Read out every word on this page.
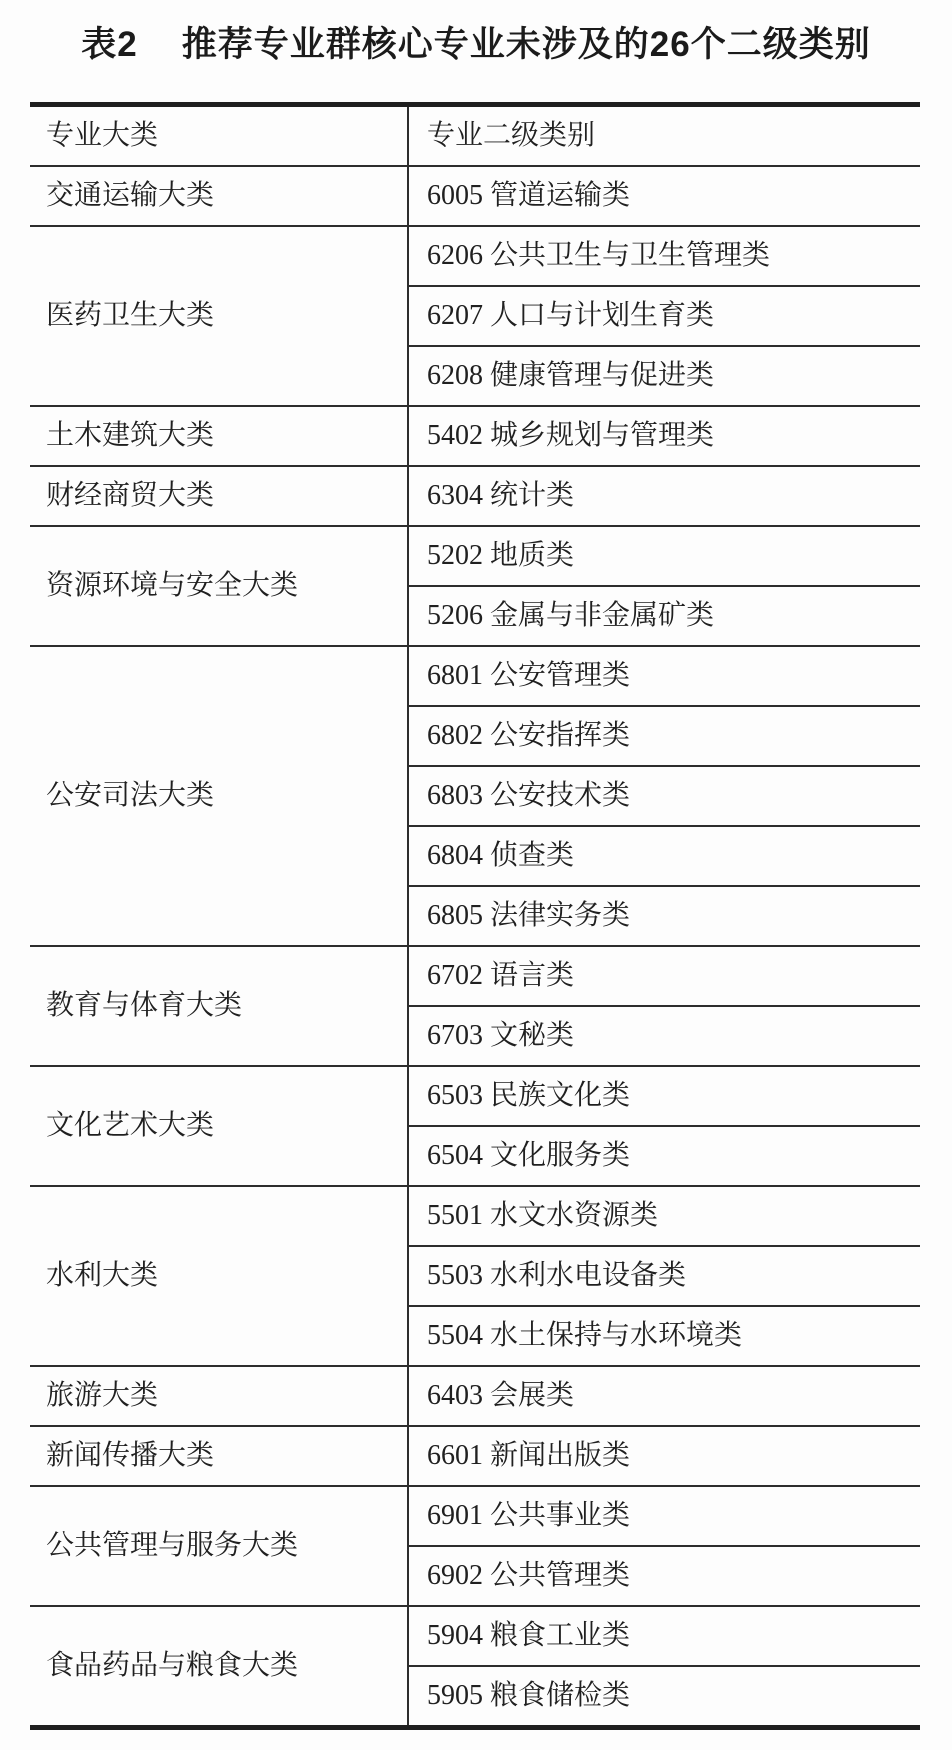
表2 推荐专业群核心专业未涉及的26个二级类别
专业大类	专业二级类别
交通运输大类	6005 管道运输类
医药卫生大类	6206 公共卫生与卫生管理类
	6207 人口与计划生育类
	6208 健康管理与促进类
土木建筑大类	5402 城乡规划与管理类
财经商贸大类	6304 统计类
资源环境与安全大类	5202 地质类
	5206 金属与非金属矿类
公安司法大类	6801 公安管理类
	6802 公安指挥类
	6803 公安技术类
	6804 侦查类
	6805 法律实务类
教育与体育大类	6702 语言类
	6703 文秘类
文化艺术大类	6503 民族文化类
	6504 文化服务类
水利大类	5501 水文水资源类
	5503 水利水电设备类
	5504 水土保持与水环境类
旅游大类	6403 会展类
新闻传播大类	6601 新闻出版类
公共管理与服务大类	6901 公共事业类
	6902 公共管理类
食品药品与粮食大类	5904 粮食工业类
	5905 粮食储检类
